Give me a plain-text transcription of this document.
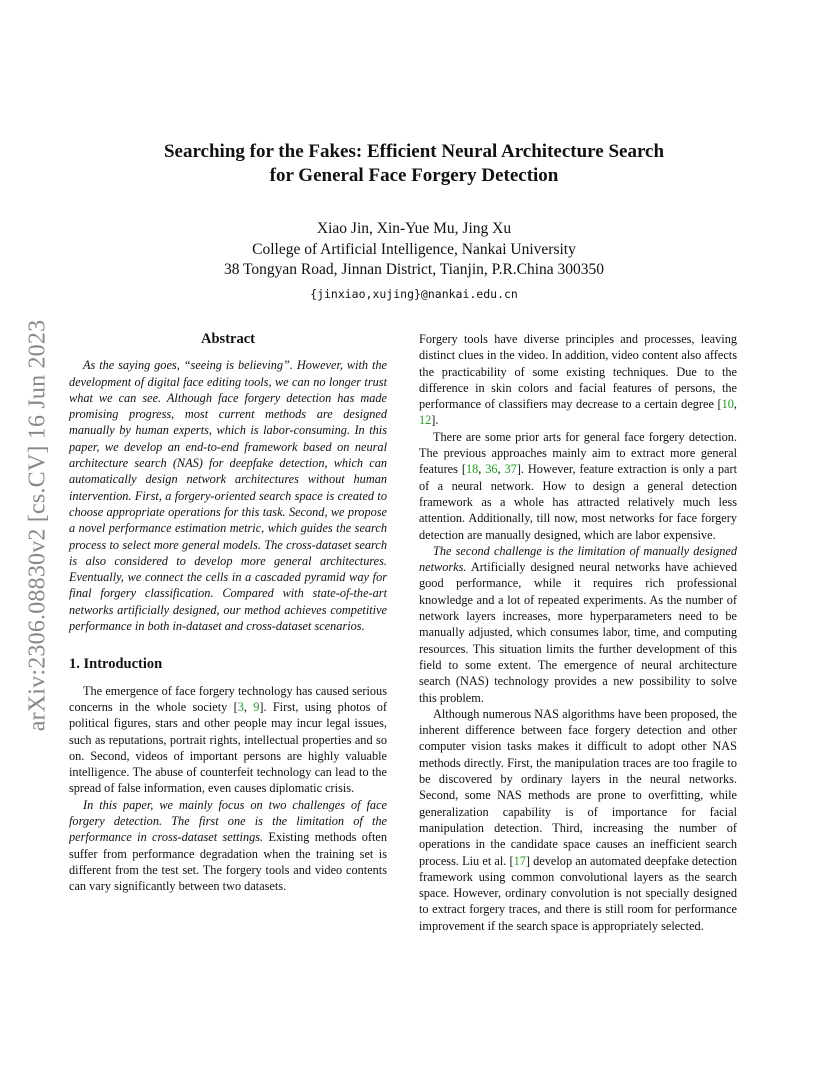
arXiv:2306.08830v2 [cs.CV] 16 Jun 2023
Searching for the Fakes: Efficient Neural Architecture Search
for General Face Forgery Detection
Xiao Jin, Xin-Yue Mu, Jing Xu
College of Artificial Intelligence, Nankai University
38 Tongyan Road, Jinnan District, Tianjin, P.R.China 300350
{jinxiao,xujing}@nankai.edu.cn
Abstract

As the saying goes, “seeing is believing”. However, with the development of digital face editing tools, we can no longer trust what we can see. Although face forgery detection has made promising progress, most current methods are designed manually by human experts, which is labor-consuming. In this paper, we develop an end-to-end framework based on neural architecture search (NAS) for deepfake detection, which can automatically design network architectures without human intervention. First, a forgery-oriented search space is created to choose appropriate operations for this task. Second, we propose a novel performance estimation metric, which guides the search process to select more general models. The cross-dataset search is also considered to develop more general architectures. Eventually, we connect the cells in a cascaded pyramid way for final forgery classification. Compared with state-of-the-art networks artificially designed, our method achieves competitive performance in both in-dataset and cross-dataset scenarios.

1. Introduction

The emergence of face forgery technology has caused serious concerns in the whole society [3, 9]. First, using photos of political figures, stars and other people may incur legal issues, such as reputations, portrait rights, intellectual properties and so on. Second, videos of important persons are highly valuable intelligence. The abuse of counterfeit technology can lead to the spread of false information, even causes diplomatic crisis.

In this paper, we mainly focus on two challenges of face forgery detection. The first one is the limitation of the performance in cross-dataset settings. Existing methods often suffer from performance degradation when the training set is different from the test set. The forgery tools and video contents can vary significantly between two datasets.

Forgery tools have diverse principles and processes, leaving distinct clues in the video. In addition, video content also affects the practicability of some existing techniques. Due to the difference in skin colors and facial features of persons, the performance of classifiers may decrease to a certain degree [10, 12].

There are some prior arts for general face forgery detection. The previous approaches mainly aim to extract more general features [18, 36, 37]. However, feature extraction is only a part of a neural network. How to design a general detection framework as a whole has attracted relatively much less attention. Additionally, till now, most networks for face forgery detection are manually designed, which are labor expensive.

The second challenge is the limitation of manually designed networks. Artificially designed neural networks have achieved good performance, while it requires rich professional knowledge and a lot of repeated experiments. As the number of network layers increases, more hyperparameters need to be manually adjusted, which consumes labor, time, and computing resources. This situation limits the further development of this field to some extent. The emergence of neural architecture search (NAS) technology provides a new possibility to solve this problem.

Although numerous NAS algorithms have been proposed, the inherent difference between face forgery detection and other computer vision tasks makes it difficult to adopt other NAS methods directly. First, the manipulation traces are too fragile to be discovered by ordinary layers in the neural networks. Second, some NAS methods are prone to overfitting, while generalization capability is of importance for facial manipulation detection. Third, increasing the number of operations in the candidate space causes an inefficient search process. Liu et al. [17] develop an automated deepfake detection framework using common convolutional layers as the search space. However, ordinary convolution is not specially designed to extract forgery traces, and there is still room for performance improvement if the search space is appropriately selected.
